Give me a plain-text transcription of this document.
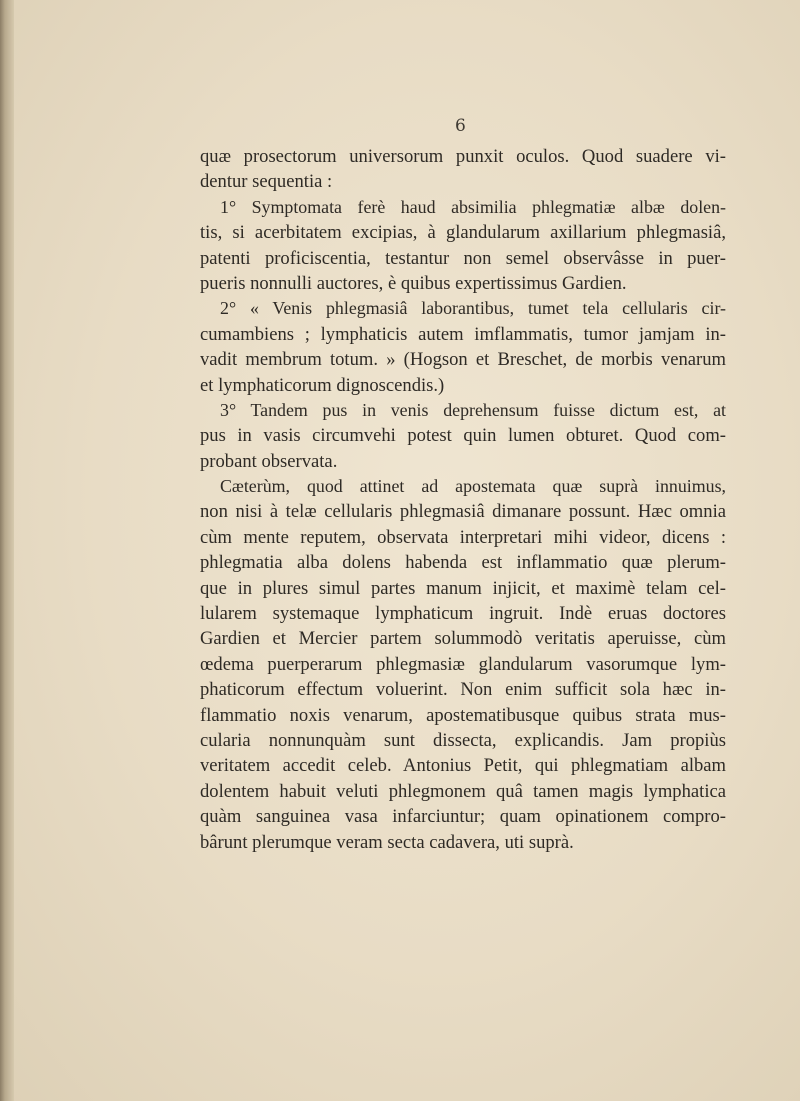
6
quæ prosectorum universorum punxit oculos. Quod suadere vi-
dentur sequentia :
1° Symptomata ferè haud absimilia phlegmatiæ albæ dolen-
tis, si acerbitatem excipias, à glandularum axillarium phlegmasiâ,
patenti proficiscentia, testantur non semel observâsse in puer-
pueris nonnulli auctores, è quibus expertissimus Gardien.
2° « Venis phlegmasiâ laborantibus, tumet tela cellularis cir-
cumambiens ; lymphaticis autem imflammatis, tumor jamjam in-
vadit membrum totum. » (Hogson et Breschet, de morbis venarum
et lymphaticorum dignoscendis.)
3° Tandem pus in venis deprehensum fuisse dictum est, at
pus in vasis circumvehi potest quin lumen obturet. Quod com-
probant observata.
Cæterùm, quod attinet ad apostemata quæ suprà innuimus,
non nisi à telæ cellularis phlegmasiâ dimanare possunt. Hæc omnia
cùm mente reputem, observata interpretari mihi videor, dicens :
phlegmatia alba dolens habenda est inflammatio quæ plerum-
que in plures simul partes manum injicit, et maximè telam cel-
lularem systemaque lymphaticum ingruit. Indè eruas doctores
Gardien et Mercier partem solummodò veritatis aperuisse, cùm
œdema puerperarum phlegmasiæ glandularum vasorumque lym-
phaticorum effectum voluerint. Non enim sufficit sola hæc in-
flammatio noxis venarum, apostematibusque quibus strata mus-
cularia nonnunquàm sunt dissecta, explicandis. Jam propiùs
veritatem accedit celeb. Antonius Petit, qui phlegmatiam albam
dolentem habuit veluti phlegmonem quâ tamen magis lymphatica
quàm sanguinea vasa infarciuntur; quam opinationem compro-
bârunt plerumque veram secta cadavera, uti suprà.
